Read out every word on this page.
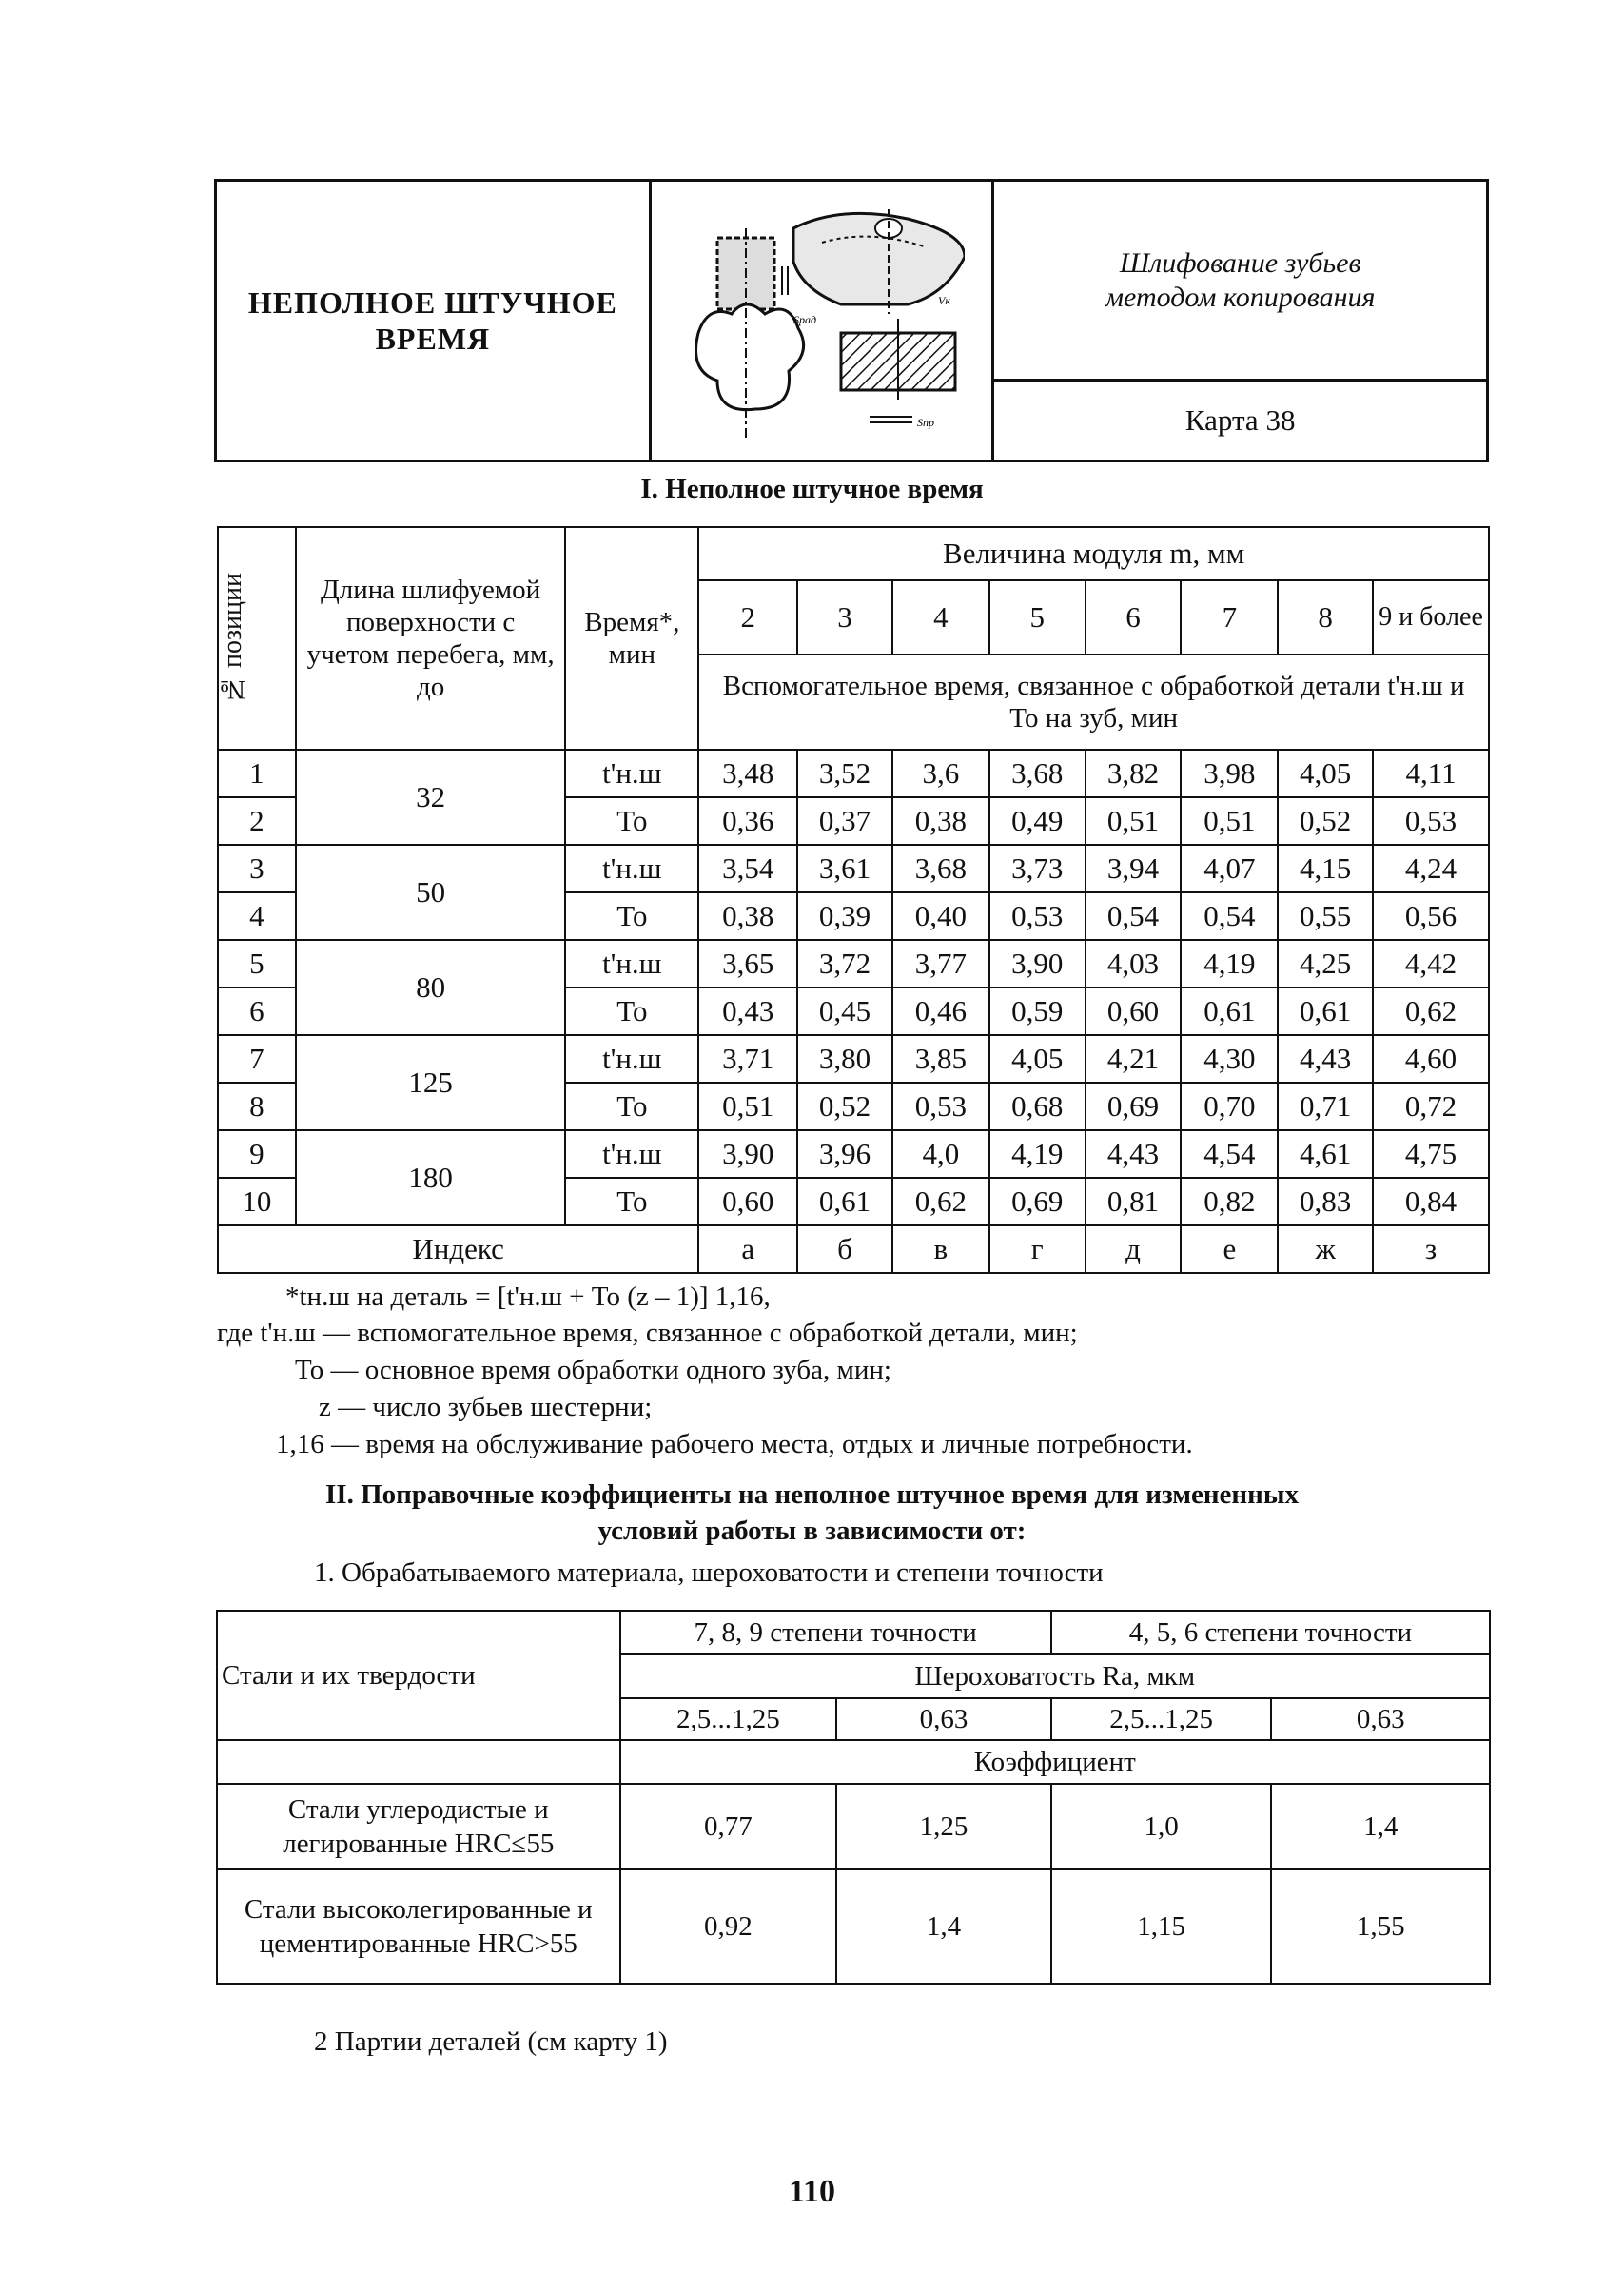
НЕПОЛНОЕ ШТУЧНОЕ ВРЕМЯ

Sрад
Vк
Sпр

Шлифование зубьев методом копирования

Карта 38
I. Неполное штучное время
№ позиции	Длина шлифуемой поверхности с учетом перебега, мм, до	Время*, мин	Величина модуля m, мм							
			2	3	4	5	6	7	8	9 и более

			Вспомогательное время, связанное с обработкой детали t'н.ш и To на зуб, мин							

1	32	t'н.ш	3,48	3,52	3,6	3,68	3,82	3,98	4,05	4,11
2		To	0,36	0,37	0,38	0,49	0,51	0,51	0,52	0,53
3	50	t'н.ш	3,54	3,61	3,68	3,73	3,94	4,07	4,15	4,24
4		To	0,38	0,39	0,40	0,53	0,54	0,54	0,55	0,56
5	80	t'н.ш	3,65	3,72	3,77	3,90	4,03	4,19	4,25	4,42
6		To	0,43	0,45	0,46	0,59	0,60	0,61	0,61	0,62
7	125	t'н.ш	3,71	3,80	3,85	4,05	4,21	4,30	4,43	4,60
8		To	0,51	0,52	0,53	0,68	0,69	0,70	0,71	0,72
9	180	t'н.ш	3,90	3,96	4,0	4,19	4,43	4,54	4,61	4,75
10		To	0,60	0,61	0,62	0,69	0,81	0,82	0,83	0,84
Индекс			а	б	в	г	д	е	ж	з
*tн.ш на деталь = [t'н.ш + To (z – 1)] 1,16,
где t'н.ш — вспомогательное время, связанное с обработкой детали, мин;
To — основное время обработки одного зуба, мин;
z — число зубьев шестерни;
1,16 — время на обслуживание рабочего места, отдых и личные потребности.
II. Поправочные коэффициенты на неполное штучное время для измененных
условий работы в зависимости от:
1. Обрабатываемого материала, шероховатости и степени точности
Стали и их твердости	7, 8, 9 степени точности		4, 5, 6 степени точности	
	Шероховатость Ra, мкм			
	2,5...1,25	0,63	2,5...1,25	0,63
	Коэффициент			
Стали углеродистые и легированные HRC≤55	0,77	1,25	1,0	1,4
Стали высоколегированные и цементированные HRC>55	0,92	1,4	1,15	1,55
2 Партии деталей (см карту 1)
110
